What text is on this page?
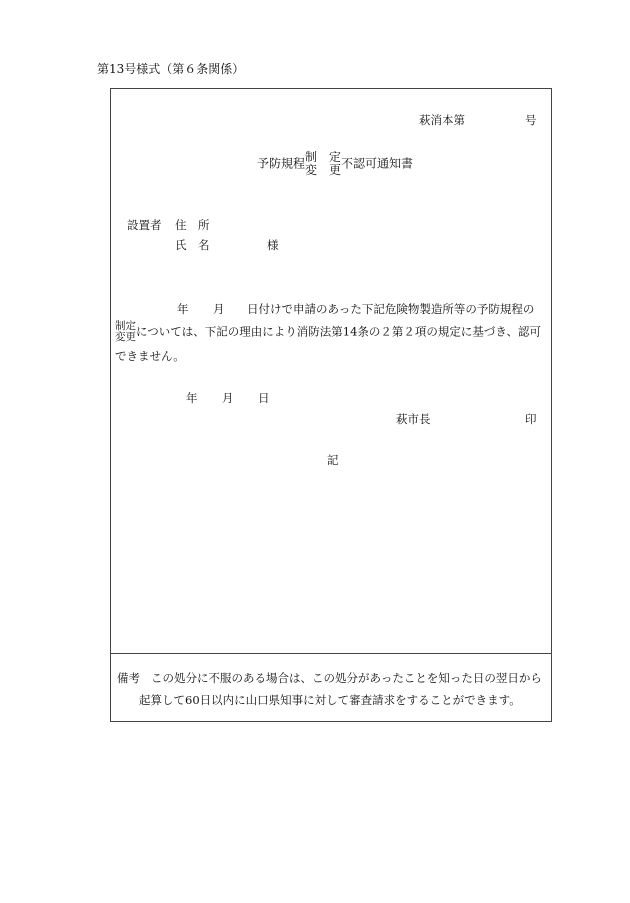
第13号様式（第６条関係）
萩消本第	号
予防規程 制　定
変　更 不認可通知書
設置者 住　所
氏　名	様
年 月 日付けで申請のあった下記危険物製造所等の予防規程の
制定
変更 については、下記の理由により消防法第14条の２第２項の規定に基づき、認可
できません。
年 月 日
萩市長	印
記
備考 この処分に不服のある場合は、この処分があったことを知った日の翌日から
起算して60日以内に山口県知事に対して審査請求をすることができます。
